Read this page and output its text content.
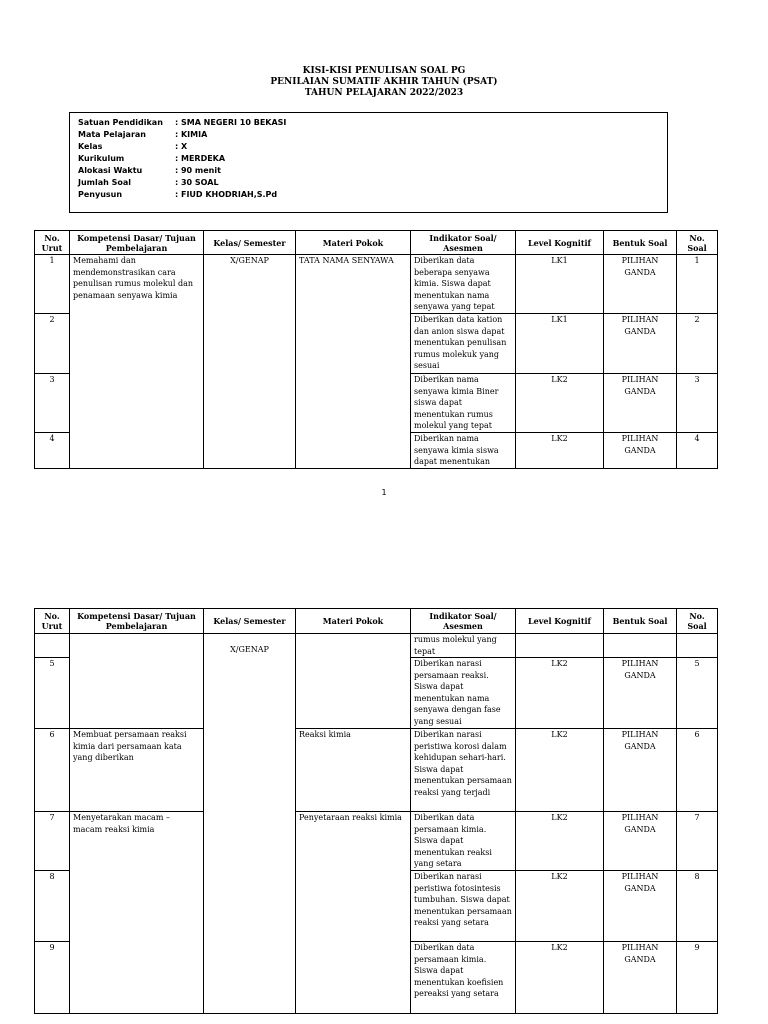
KISI-KISI PENULISAN SOAL PG
PENILAIAN SUMATIF AKHIR TAHUN (PSAT)
TAHUN PELAJARAN 2022/2023
Satuan Pendidikan : SMA NEGERI 10 BEKASI
Mata Pelajaran	: KIMIA
Kelas	: X
Kurikulum	: MERDEKA
Alokasi Waktu	: 90 menit
Jumlah Soal	: 30 SOAL
Penyusun	: FIUD KHODRIAH,S.Pd
No. Urut	Kompetensi Dasar/ Tujuan Pembelajaran	Kelas/ Semester	Materi Pokok	Indikator Soal/ Asesmen	Level Kognitif	Bentuk Soal	No. Soal
1	Memahami dan mendemonstrasikan cara penulisan rumus molekul dan penamaan senyawa kimia	X/GENAP	TATA NAMA SENYAWA	Diberikan data beberapa senyawa kimia. Siswa dapat menentukan nama senyawa yang tepat	LK1	PILIHAN GANDA	1
2				Diberikan data kation dan anion siswa dapat menentukan penulisan rumus molekuk yang sesuai	LK1	PILIHAN GANDA	2
3				Diberikan nama senyawa kimia Biner siswa dapat menentukan rumus molekul yang tepat	LK2	PILIHAN GANDA	3
4				Diberikan nama senyawa kimia siswa dapat menentukan	LK2	PILIHAN GANDA	4
1
No. Urut	Kompetensi Dasar/ Tujuan Pembelajaran	Kelas/ Semester	Materi Pokok	Indikator Soal/ Asesmen	Level Kognitif	Bentuk Soal	No. Soal
		X/GENAP		rumus molekul yang tepat			
5				Diberikan narasi persamaan reaksi. Siswa dapat menentukan nama senyawa dengan fase yang sesuai	LK2	PILIHAN GANDA	5
6	Membuat persamaan reaksi kimia dari persamaan kata yang diberikan		Reaksi kimia	Diberikan narasi peristiwa korosi dalam kehidupan sehari-hari. Siswa dapat menentukan persamaan reaksi yang terjadi	LK2	PILIHAN GANDA	6
7	Menyetarakan macam – macam reaksi kimia		Penyetaraan reaksi kimia	Diberikan data persamaan kimia. Siswa dapat menentukan reaksi yang setara	LK2	PILIHAN GANDA	7
8				Diberikan narasi peristiwa fotosintesis tumbuhan. Siswa dapat menentukan persamaan reaksi yang setara	LK2	PILIHAN GANDA	8
9				Diberikan data persamaan kimia. Siswa dapat menentukan koefisien pereaksi yang setara	LK2	PILIHAN GANDA	9
